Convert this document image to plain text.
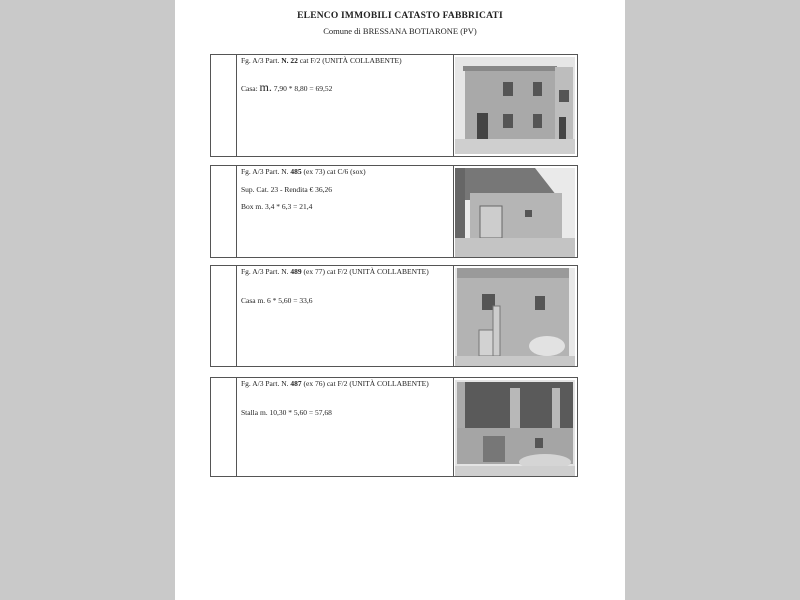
ELENCO IMMOBILI CATASTO FABBRICATI
Comune di BRESSANA BOTIARONE (PV)
Fg. A/3 Part. N. 22 cat F/2 (UNITÀ COLLABENTE)
Casa: m. 7,90 * 8,80 = 69,52
Fg. A/3 Part. N. 485 (ex 73) cat C/6 (sox)
Sup. Cat. 23 - Rendita € 36,26
Box m. 3,4 * 6,3 = 21,4
Fg. A/3 Part. N. 489 (ex 77) cat F/2 (UNITÀ COLLABENTE)
Casa m. 6 * 5,60 = 33,6
Fg. A/3 Part. N. 487 (ex 76) cat F/2 (UNITÀ COLLABENTE)
Stalla m. 10,30 * 5,60 = 57,68
